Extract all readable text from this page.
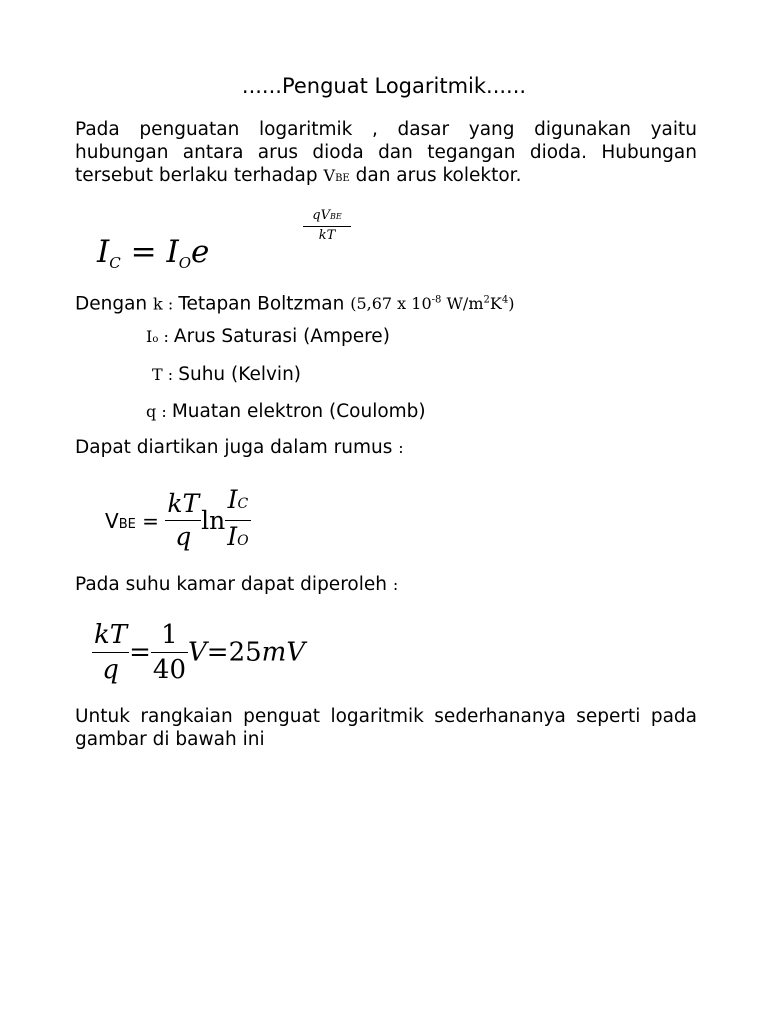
......Penguat Logaritmik......

Pada penguatan logaritmik , dasar yang digunakan yaitu hubungan antara arus dioda dan tegangan dioda. Hubungan tersebut berlaku terhadap VBE dan arus kolektor.

IC = IOe
qVBE
kT
Dengan k : Tetapan Boltzman (5,67 x $10^{-8}$ $W/m^2K^4$)
Io : Arus Saturasi (Ampere)
T : Suhu (Kelvin)
q : Muatan elektron (Coulomb)

Dapat diartikan juga dalam rumus :

VBE = $\frac{kT}{q}$ $\ln \frac{IC}{IO}$

Pada suhu kamar dapat diperoleh :

$\frac{kT}{q} = \frac{1}{40} V=25mV$

Untuk rangkaian penguat logaritmik sederhananya seperti pada gambar di bawah ini
